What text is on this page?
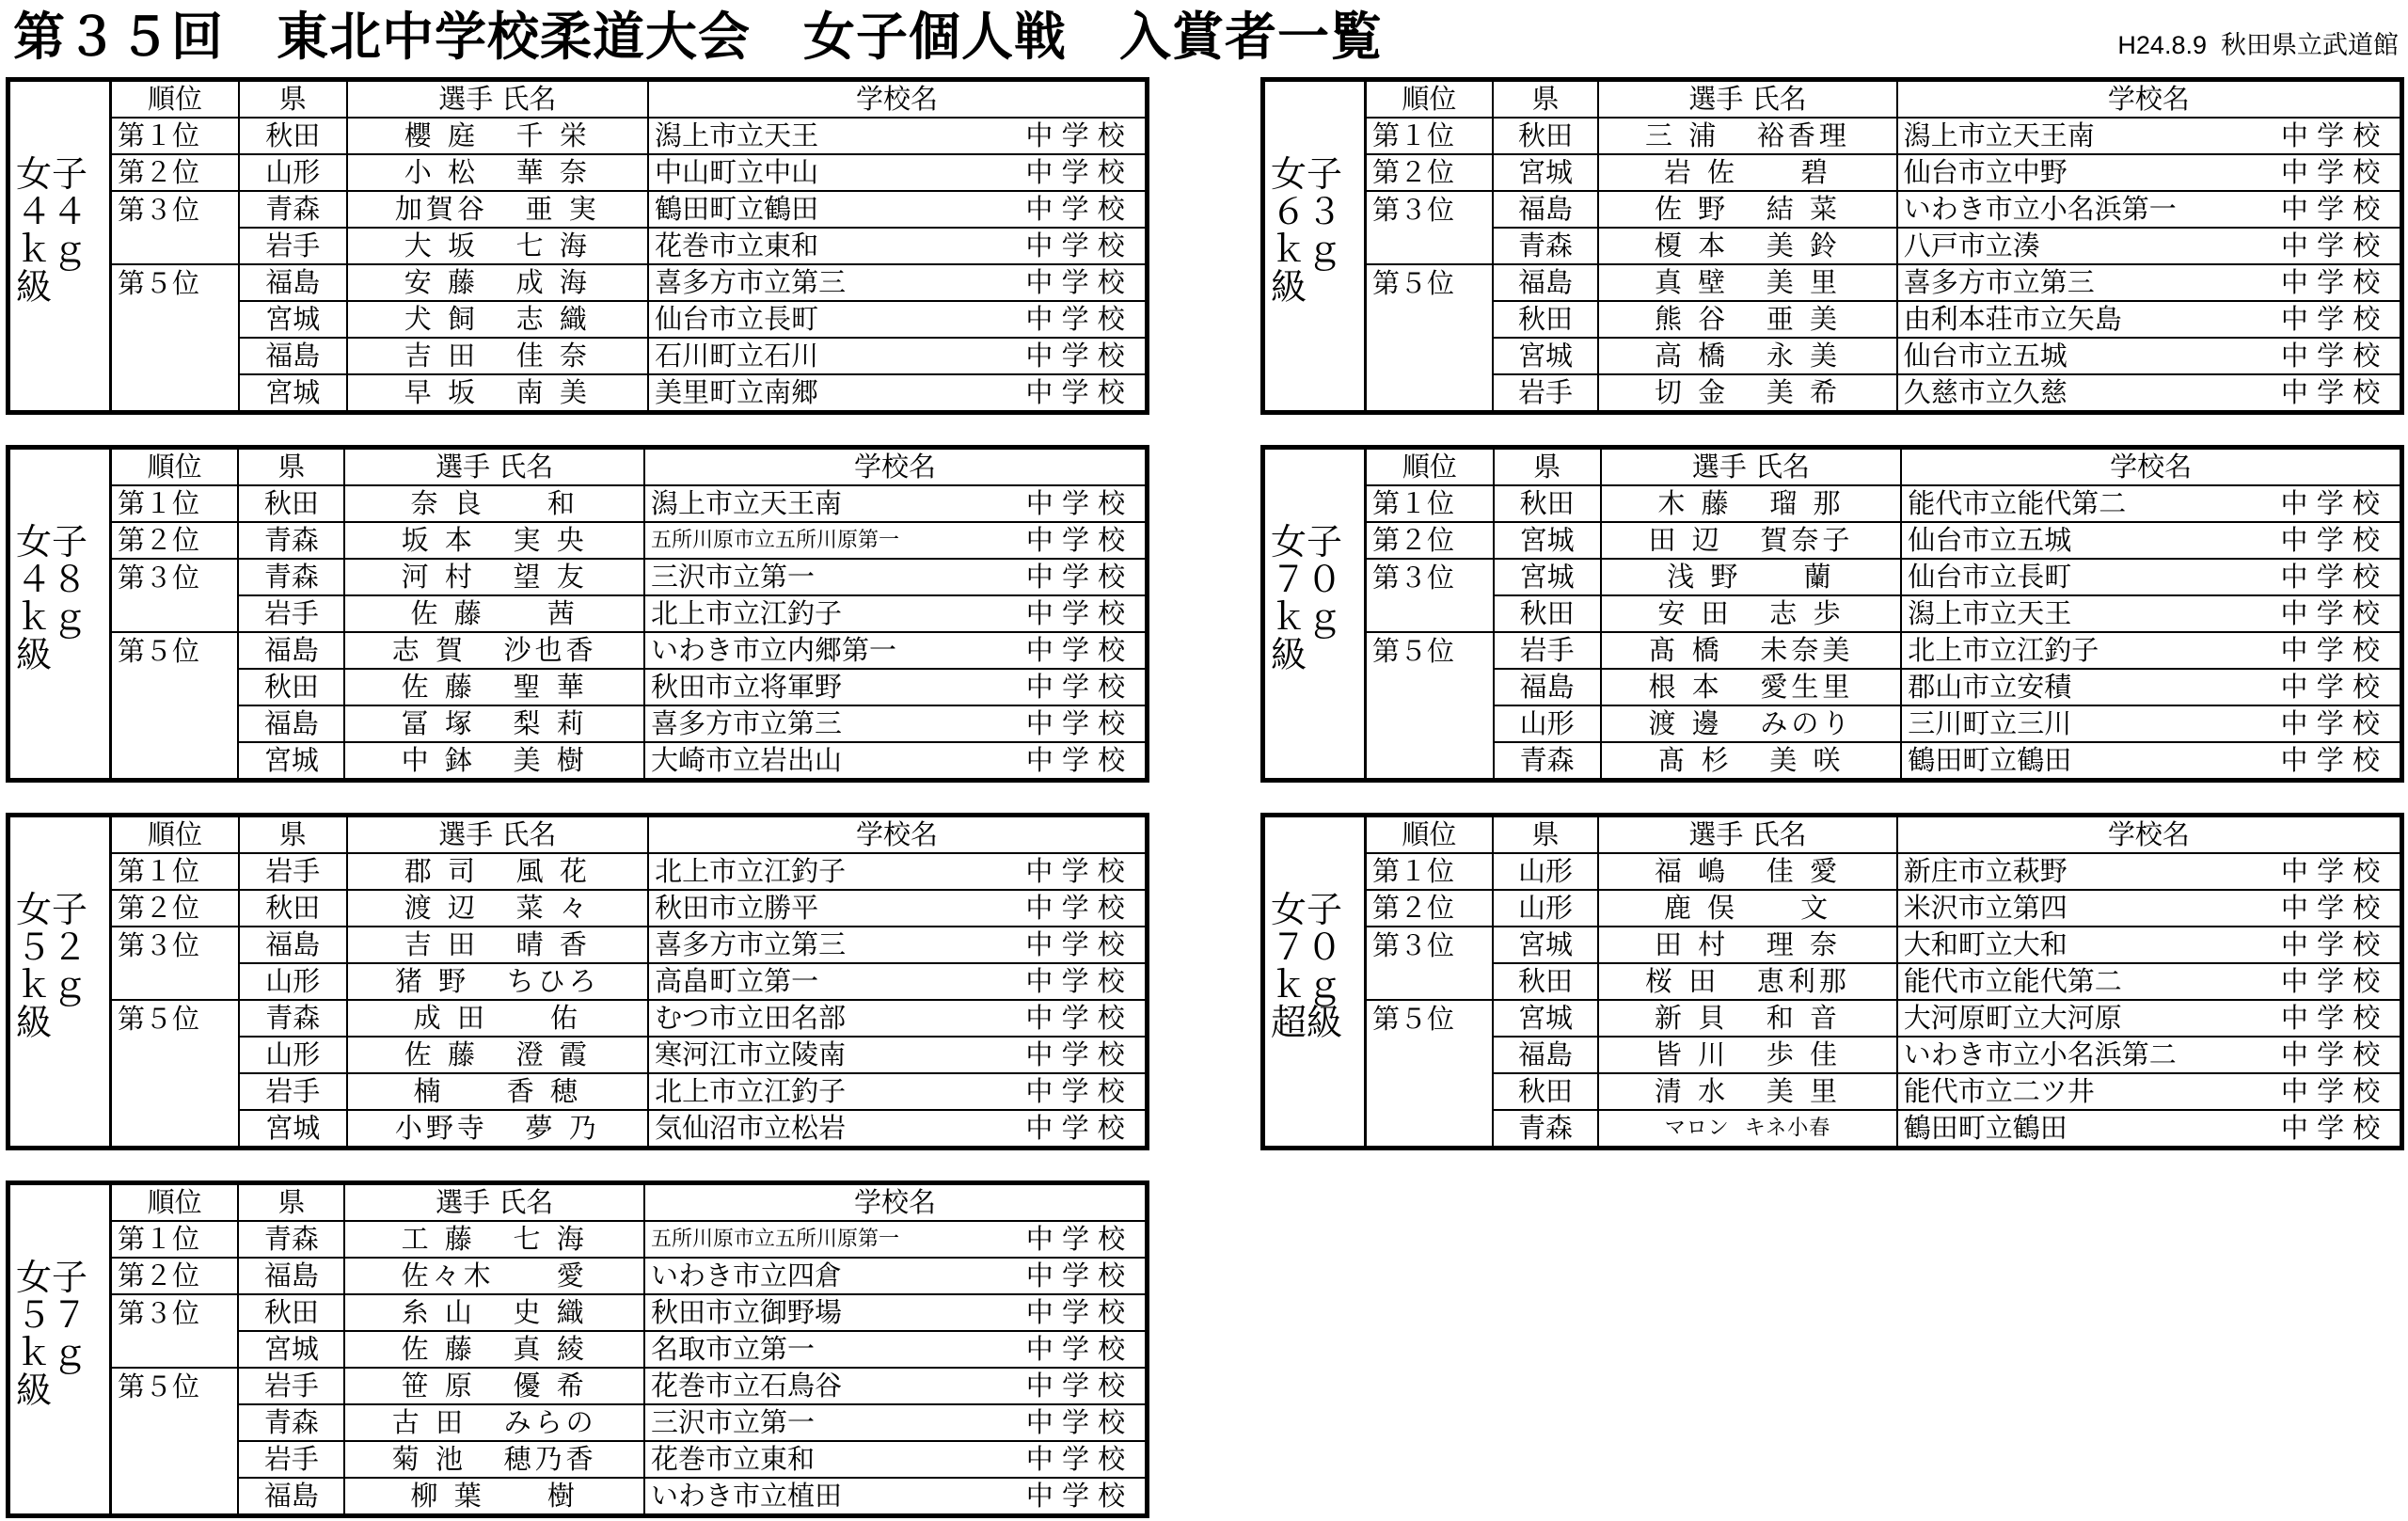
第３５回　東北中学校柔道大会　女子個人戦　入賞者一覧	H24.8.9  秋田県立武道館
女子
４４
ｋｇ
級
順位	県	選手 氏名	学校名	
第１位	秋田	櫻 庭   千 栄	潟上市立天王	中 学 校
第２位	山形	小 松   華 奈	中山町立中山	中 学 校
第３位	青森	加賀谷   亜 実	鶴田町立鶴田	中 学 校
	岩手	大 坂   七 海	花巻市立東和	中 学 校
第５位	福島	安 藤   成 海	喜多方市立第三	中 学 校
	宮城	犬 飼   志 織	仙台市立長町	中 学 校
	福島	吉 田   佳 奈	石川町立石川	中 学 校
	宮城	早 坂   南 美	美里町立南郷	中 学 校
女子
４８
ｋｇ
級
順位	県	選手 氏名	学校名	
第１位	秋田	奈 良     和	潟上市立天王南	中 学 校
第２位	青森	坂 本   実 央	五所川原市立五所川原第一	中 学 校
第３位	青森	河 村   望 友	三沢市立第一	中 学 校
	岩手	佐 藤     茜	北上市立江釣子	中 学 校
第５位	福島	志 賀   沙也香	いわき市立内郷第一	中 学 校
	秋田	佐 藤   聖 華	秋田市立将軍野	中 学 校
	福島	冨 塚   梨 莉	喜多方市立第三	中 学 校
	宮城	中 鉢   美 樹	大崎市立岩出山	中 学 校
女子
５２
ｋｇ
級
順位	県	選手 氏名	学校名	
第１位	岩手	郡 司   風 花	北上市立江釣子	中 学 校
第２位	秋田	渡 辺   菜 々	秋田市立勝平	中 学 校
第３位	福島	吉 田   晴 香	喜多方市立第三	中 学 校
	山形	猪 野   ちひろ	高畠町立第一	中 学 校
第５位	青森	成 田     佑	むつ市立田名部	中 学 校
	山形	佐 藤   澄 霞	寒河江市立陵南	中 学 校
	岩手	楠     香 穂	北上市立江釣子	中 学 校
	宮城	小野寺   夢 乃	気仙沼市立松岩	中 学 校
女子
５７
ｋｇ
級
順位	県	選手 氏名	学校名	
第１位	青森	工 藤   七 海	五所川原市立五所川原第一	中 学 校
第２位	福島	佐々木     愛	いわき市立四倉	中 学 校
第３位	秋田	糸 山   史 織	秋田市立御野場	中 学 校
	宮城	佐 藤   真 綾	名取市立第一	中 学 校
第５位	岩手	笹 原   優 希	花巻市立石鳥谷	中 学 校
	青森	古 田   みらの	三沢市立第一	中 学 校
	岩手	菊 池   穂乃香	花巻市立東和	中 学 校
	福島	柳 葉     樹	いわき市立植田	中 学 校
女子
６３
ｋｇ
級
順位	県	選手 氏名	学校名	
第１位	秋田	三 浦   裕香理	潟上市立天王南	中 学 校
第２位	宮城	岩 佐     碧	仙台市立中野	中 学 校
第３位	福島	佐 野   結 菜	いわき市立小名浜第一	中 学 校
	青森	榎 本   美 鈴	八戸市立湊	中 学 校
第５位	福島	真 壁   美 里	喜多方市立第三	中 学 校
	秋田	熊 谷   亜 美	由利本荘市立矢島	中 学 校
	宮城	高 橋   永 美	仙台市立五城	中 学 校
	岩手	切 金   美 希	久慈市立久慈	中 学 校
女子
７０
ｋｇ
級
順位	県	選手 氏名	学校名	
第１位	秋田	木 藤   瑠 那	能代市立能代第二	中 学 校
第２位	宮城	田 辺   賀奈子	仙台市立五城	中 学 校
第３位	宮城	浅 野     蘭	仙台市立長町	中 学 校
	秋田	安 田   志 歩	潟上市立天王	中 学 校
第５位	岩手	髙 橋   未奈美	北上市立江釣子	中 学 校
	福島	根 本   愛生里	郡山市立安積	中 学 校
	山形	渡 邊   みのり	三川町立三川	中 学 校
	青森	髙 杉   美 咲	鶴田町立鶴田	中 学 校
女子
７０
ｋｇ
超級
順位	県	選手 氏名	学校名	
第１位	山形	福 嶋   佳 愛	新庄市立萩野	中 学 校
第２位	山形	鹿 俣     文	米沢市立第四	中 学 校
第３位	宮城	田 村   理 奈	大和町立大和	中 学 校
	秋田	桜 田   恵利那	能代市立能代第二	中 学 校
第５位	宮城	新 貝   和 音	大河原町立大河原	中 学 校
	福島	皆 川   歩 佳	いわき市立小名浜第二	中 学 校
	秋田	清 水   美 里	能代市立二ツ井	中 学 校
	青森	マロン  キネ小春	鶴田町立鶴田	中 学 校
